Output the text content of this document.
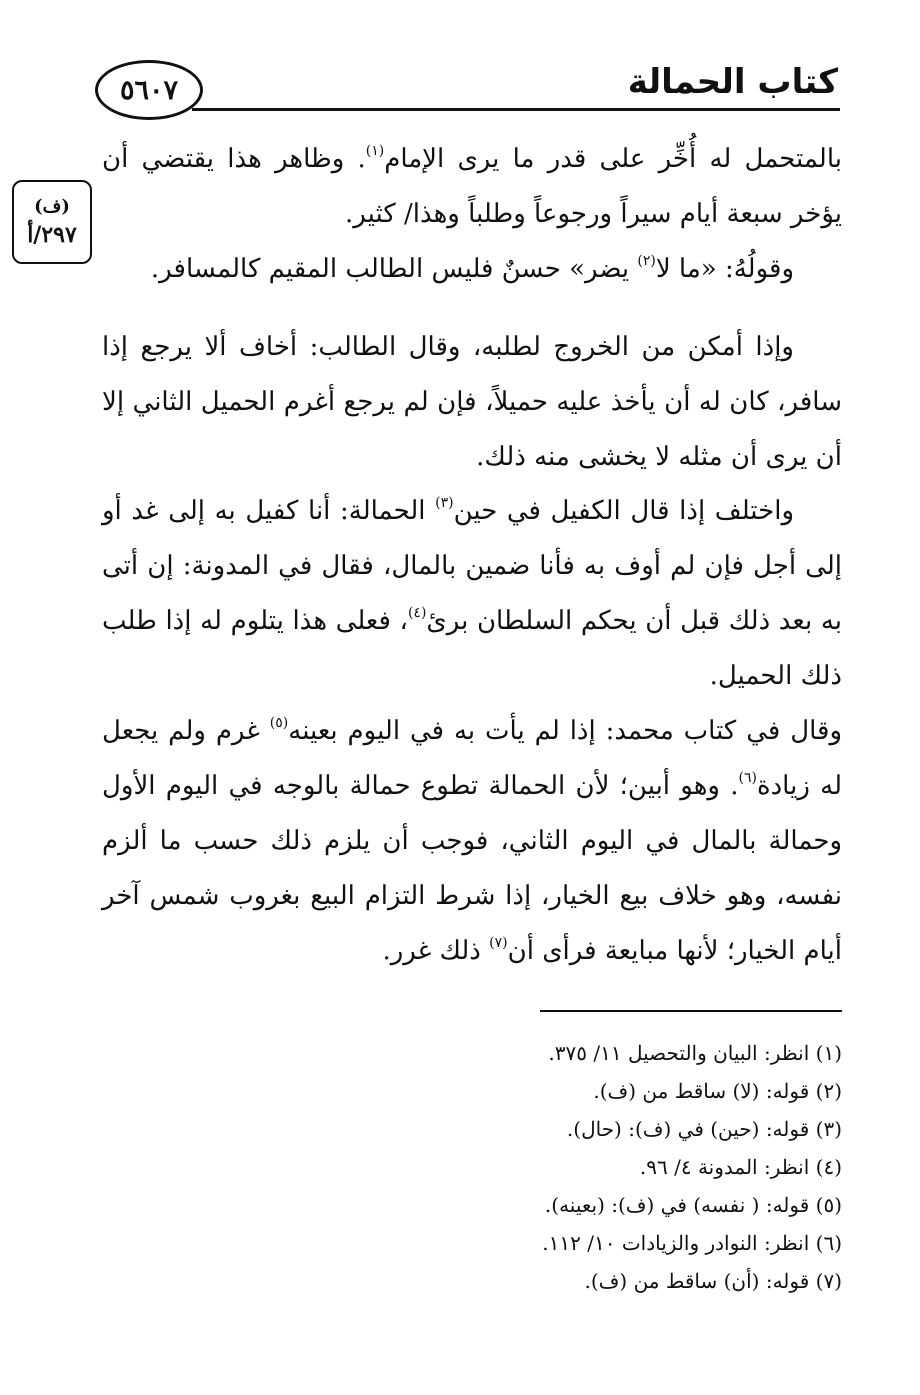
كتاب الحمالة
٥٦٠٧
(ف)
٢٩٧/أ

بالمتحمل له أُخِّر على قدر ما يرى الإمام$^{(١)}$. وظاهر هذا يقتضي أن يؤخر سبعة أيام سيراً ورجوعاً وطلباً وهذا/ كثير.

وقولُهُ: «ما لا$^{(٢)}$ يضر» حسنٌ فليس الطالب المقيم كالمسافر.

وإذا أمكن من الخروج لطلبه، وقال الطالب: أخاف ألا يرجع إذا سافر، كان له أن يأخذ عليه حميلاً، فإن لم يرجع أغرم الحميل الثاني إلا أن يرى أن مثله لا يخشى منه ذلك.

واختلف إذا قال الكفيل في حين$^{(٣)}$ الحمالة: أنا كفيل به إلى غد أو إلى أجل فإن لم أوف به فأنا ضمين بالمال، فقال في المدونة: إن أتى به بعد ذلك قبل أن يحكم السلطان برئ$^{(٤)}$، فعلى هذا يتلوم له إذا طلب ذلك الحميل.

وقال في كتاب محمد: إذا لم يأت به في اليوم بعينه$^{(٥)}$ غرم ولم يجعل له زيادة$^{(٦)}$. وهو أبين؛ لأن الحمالة تطوع حمالة بالوجه في اليوم الأول وحمالة بالمال في اليوم الثاني، فوجب أن يلزم ذلك حسب ما ألزم نفسه، وهو خلاف بيع الخيار، إذا شرط التزام البيع بغروب شمس آخر أيام الخيار؛ لأنها مبايعة فرأى أن$^{(٧)}$ ذلك غرر.

(١) انظر: البيان والتحصيل ١١/ ٣٧٥.
(٢) قوله: (لا) ساقط من (ف).
(٣) قوله: (حين) في (ف): (حال).
(٤) انظر: المدونة ٤/ ٩٦.
(٥) قوله: ( نفسه) في (ف): (بعينه).
(٦) انظر: النوادر والزيادات ١٠/ ١١٢.
(٧) قوله: (أن) ساقط من (ف).
